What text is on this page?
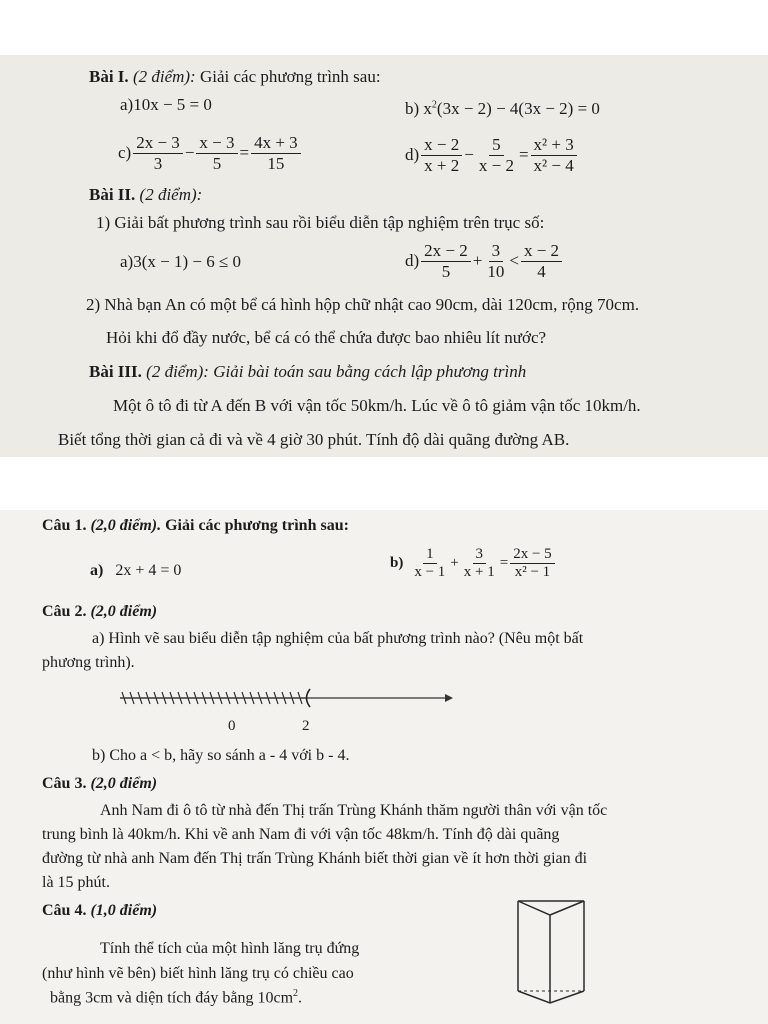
Bài I. (2 điểm): Giải các phương trình sau:
a)10x − 5 = 0	b) $x^2(3x - 2) - 4(3x - 2) = 0$
$c) \frac{2x - 3}{3} - \frac{x - 3}{5} = \frac{4x + 3}{15}$	$d) \frac{x - 2}{x + 2} - \frac{5}{x - 2} = \frac{\text{x² + 3}}{\text{x² − 4}}$
Bài II. (2 điểm):
1) Giải bất phương trình sau rồi biểu diễn tập nghiệm trên trục số:
a)3(x − 1) − 6 ≤ 0	$d) \frac{2x - 2}{5} + \frac{3}{10} < \frac{x - 2}{4}$
2) Nhà bạn An có một bể cá hình hộp chữ nhật cao 90cm, dài 120cm, rộng 70cm.
Hỏi khi đổ đầy nước, bể cá có thể chứa được bao nhiêu lít nước?
Bài III. (2 điểm): Giải bài toán sau bằng cách lập phương trình
Một ô tô đi từ A đến B với vận tốc 50km/h. Lúc về ô tô giảm vận tốc 10km/h.
Biết tổng thời gian cả đi và về 4 giờ 30 phút. Tính độ dài quãng đường AB.
Câu 1. (2,0 điểm). Giải các phương trình sau:
a) 2x + 4 = 0	$b) \frac{1}{x - 1} + \frac{3}{x + 1} = \frac{2x - 5}{\text{x² − 1}}$
Câu 2. (2,0 điểm)
a) Hình vẽ sau biểu diễn tập nghiệm của bất phương trình nào? (Nêu một bất
phương trình).
0	2
b) Cho a < b, hãy so sánh a - 4 với b - 4.
Câu 3. (2,0 điểm)
Anh Nam đi ô tô từ nhà đến Thị trấn Trùng Khánh thăm người thân với vận tốc
trung bình là 40km/h. Khi về anh Nam đi với vận tốc 48km/h. Tính độ dài quãng
đường từ nhà anh Nam đến Thị trấn Trùng Khánh biết thời gian về ít hơn thời gian đi
là 15 phút.
Câu 4. (1,0 điểm)
Tính thể tích của một hình lăng trụ đứng
(như hình vẽ bên) biết hình lăng trụ có chiều cao
bằng 3cm và diện tích đáy bằng $10cm^2$.
